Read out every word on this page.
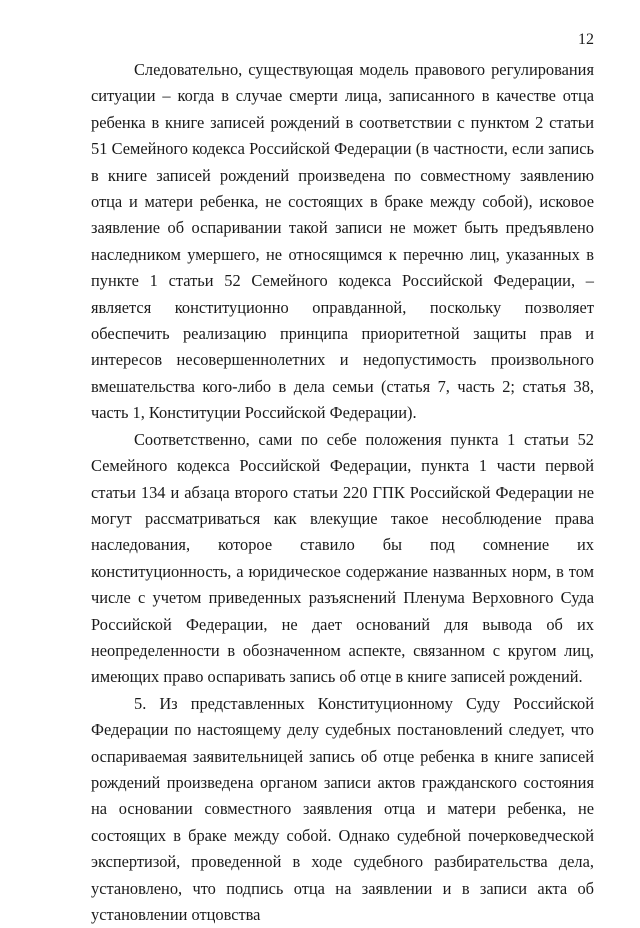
12

Следовательно, существующая модель правового регулирования ситуации – когда в случае смерти лица, записанного в качестве отца ребенка в книге записей рождений в соответствии с пунктом 2 статьи 51 Семейного кодекса Российской Федерации (в частности, если запись в книге записей рождений произведена по совместному заявлению отца и матери ребенка, не состоящих в браке между собой), исковое заявление об оспаривании такой записи не может быть предъявлено наследником умершего, не относящимся к перечню лиц, указанных в пункте 1 статьи 52 Семейного кодекса Российской Федерации, – является конституционно оправданной, поскольку позволяет обеспечить реализацию принципа приоритетной защиты прав и интересов несовершеннолетних и недопустимость произвольного вмешательства кого-либо в дела семьи (статья 7, часть 2; статья 38, часть 1, Конституции Российской Федерации).

Соответственно, сами по себе положения пункта 1 статьи 52 Семейного кодекса Российской Федерации, пункта 1 части первой статьи 134 и абзаца второго статьи 220 ГПК Российской Федерации не могут рассматриваться как влекущие такое несоблюдение права наследования, которое ставило бы под сомнение их конституционность, а юридическое содержание названных норм, в том числе с учетом приведенных разъяснений Пленума Верховного Суда Российской Федерации, не дает оснований для вывода об их неопределенности в обозначенном аспекте, связанном с кругом лиц, имеющих право оспаривать запись об отце в книге записей рождений.

5. Из представленных Конституционному Суду Российской Федерации по настоящему делу судебных постановлений следует, что оспариваемая заявительницей запись об отце ребенка в книге записей рождений произведена органом записи актов гражданского состояния на основании совместного заявления отца и матери ребенка, не состоящих в браке между собой. Однако судебной почерковедческой экспертизой, проведенной в ходе судебного разбирательства дела, установлено, что подпись отца на заявлении и в записи акта об установлении отцовства
